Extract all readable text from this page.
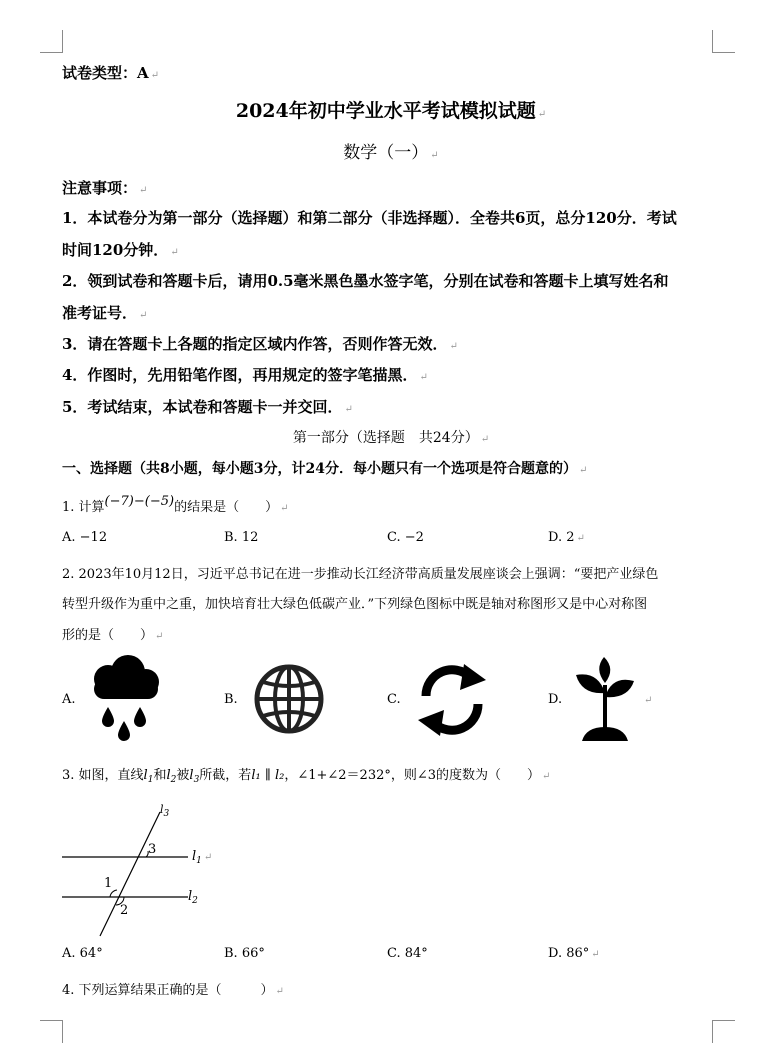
试卷类型：A ↵
2024年初中学业水平考试模拟试题 ↵
数学（一） ↵
注意事项： ↵
1．本试卷分为第一部分（选择题）和第二部分（非选择题）．全卷共6页，总分120分．考试
时间120分钟． ↵
2．领到试卷和答题卡后，请用0.5毫米黑色墨水签字笔，分别在试卷和答题卡上填写姓名和
准考证号． ↵
3．请在答题卡上各题的指定区域内作答，否则作答无效． ↵
4．作图时，先用铅笔作图，再用规定的签字笔描黑． ↵
5．考试结束，本试卷和答题卡一并交回． ↵
第一部分（选择题　共24分） ↵
一、选择题（共8小题，每小题3分，计24分．每小题只有一个选项是符合题意的） ↵
1. 计算(−7)−(−5)的结果是（　　） ↵
A. −12	B. 12	C. −2	D. 2 ↵
2. 2023年10月12日，习近平总书记在进一步推动长江经济带高质量发展座谈会上强调：“要把产业绿色
转型升级作为重中之重，加快培育壮大绿色低碳产业．”下列绿色图标中既是轴对称图形又是中心对称图
形的是（　　） ↵
A.	B.	C.	D.	↵
3. 如图，直线$l_1$和$l_2$被$l_3$所截，若l₁ ∥ l₂，∠1+∠2＝232°，则∠3的度数为（　　） ↵
$l_3$
$l_1$ ↵
$l_2$
3
1
2
A. 64°	B. 66°	C. 84°	D. 86° ↵
4. 下列运算结果正确的是（　　　） ↵
